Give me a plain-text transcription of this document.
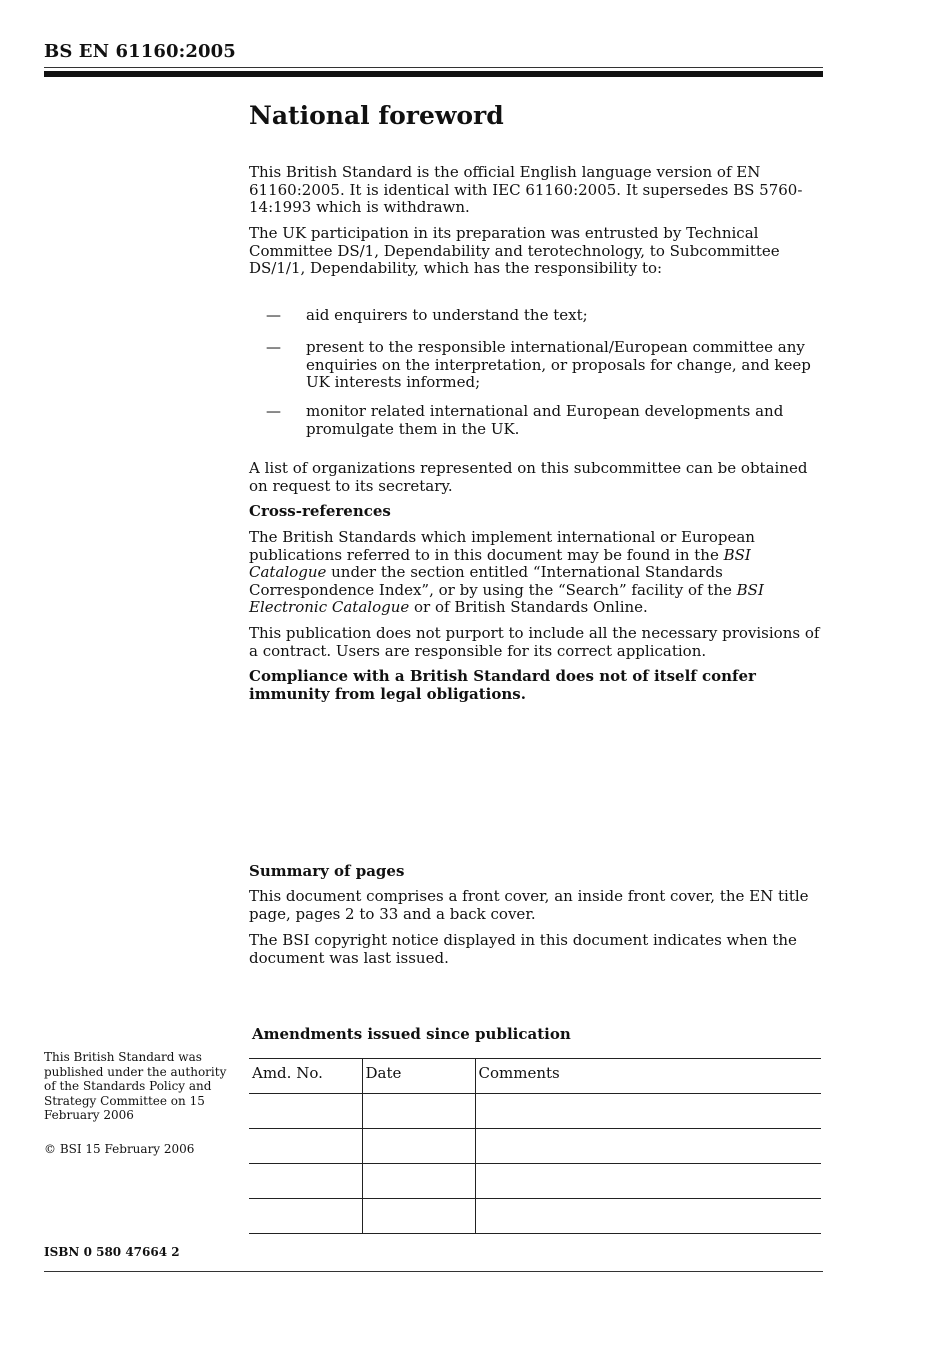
BS EN 61160:2005
National foreword
This British Standard is the official English language version of EN 61160:2005. It is identical with IEC 61160:2005. It supersedes BS 5760-14:1993 which is withdrawn.
The UK participation in its preparation was entrusted by Technical Committee DS/1, Dependability and terotechnology, to Subcommittee DS/1/1, Dependability, which has the responsibility to:
— aid enquirers to understand the text;
— present to the responsible international/European committee any enquiries on the interpretation, or proposals for change, and keep UK interests informed;
— monitor related international and European developments and promulgate them in the UK.
A list of organizations represented on this subcommittee can be obtained on request to its secretary.
Cross-references
The British Standards which implement international or European publications referred to in this document may be found in the BSI Catalogue under the section entitled “International Standards Correspondence Index”, or by using the “Search” facility of the BSI Electronic Catalogue or of British Standards Online.
This publication does not purport to include all the necessary provisions of a contract. Users are responsible for its correct application.
Compliance with a British Standard does not of itself confer immunity from legal obligations.
Summary of pages
This document comprises a front cover, an inside front cover, the EN title page, pages 2 to 33 and a back cover.
The BSI copyright notice displayed in this document indicates when the document was last issued.
Amendments issued since publication
Amd. No.	Date	Comments

This British Standard was published under the authority of the Standards Policy and Strategy Committee on 15 February 2006
© BSI 15 February 2006
ISBN 0 580 47664 2
